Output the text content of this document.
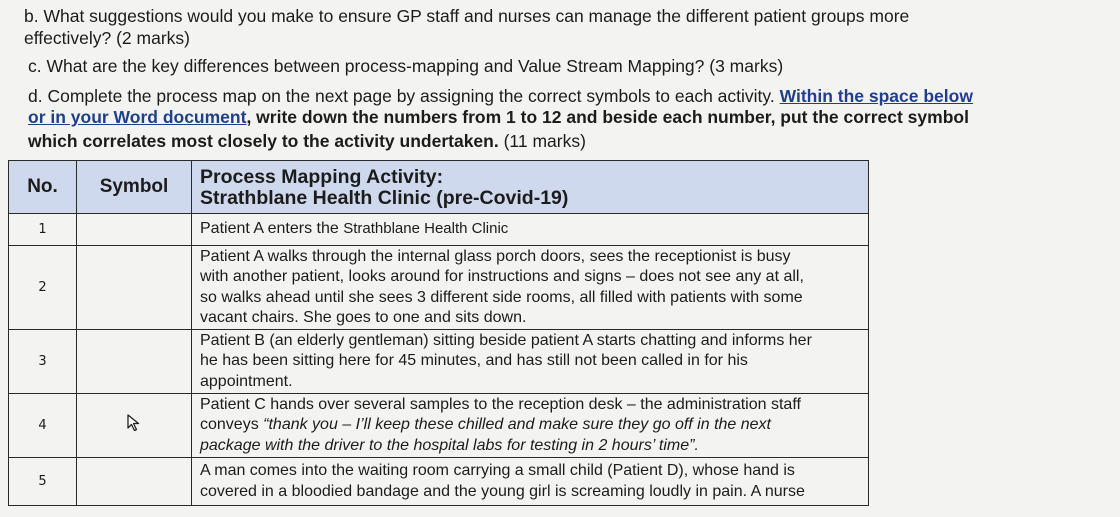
b. What suggestions would you make to ensure GP staff and nurses can manage the different patient groups more
effectively? (2 marks)
c. What are the key differences between process-mapping and Value Stream Mapping? (3 marks)
d. Complete the process map on the next page by assigning the correct symbols to each activity. Within the space below
or in your Word document, write down the numbers from 1 to 12 and beside each number, put the correct symbol
which correlates most closely to the activity undertaken. (11 marks)
No.	Symbol	Process Mapping Activity:
Strathblane Health Clinic (pre-Covid-19)

1		Patient A enters the Strathblane Health Clinic

2		Patient A walks through the internal glass porch doors, sees the receptionist is busy
with another patient, looks around for instructions and signs – does not see any at all,
so walks ahead until she sees 3 different side rooms, all filled with patients with some
vacant chairs. She goes to one and sits down.

3		Patient B (an elderly gentleman) sitting beside patient A starts chatting and informs her
he has been sitting here for 45 minutes, and has still not been called in for his
appointment.

4		Patient C hands over several samples to the reception desk – the administration staff
conveys “thank you – I’ll keep these chilled and make sure they go off in the next
package with the driver to the hospital labs for testing in 2 hours’ time”.

5		A man comes into the waiting room carrying a small child (Patient D), whose hand is
covered in a bloodied bandage and the young girl is screaming loudly in pain. A nurse
